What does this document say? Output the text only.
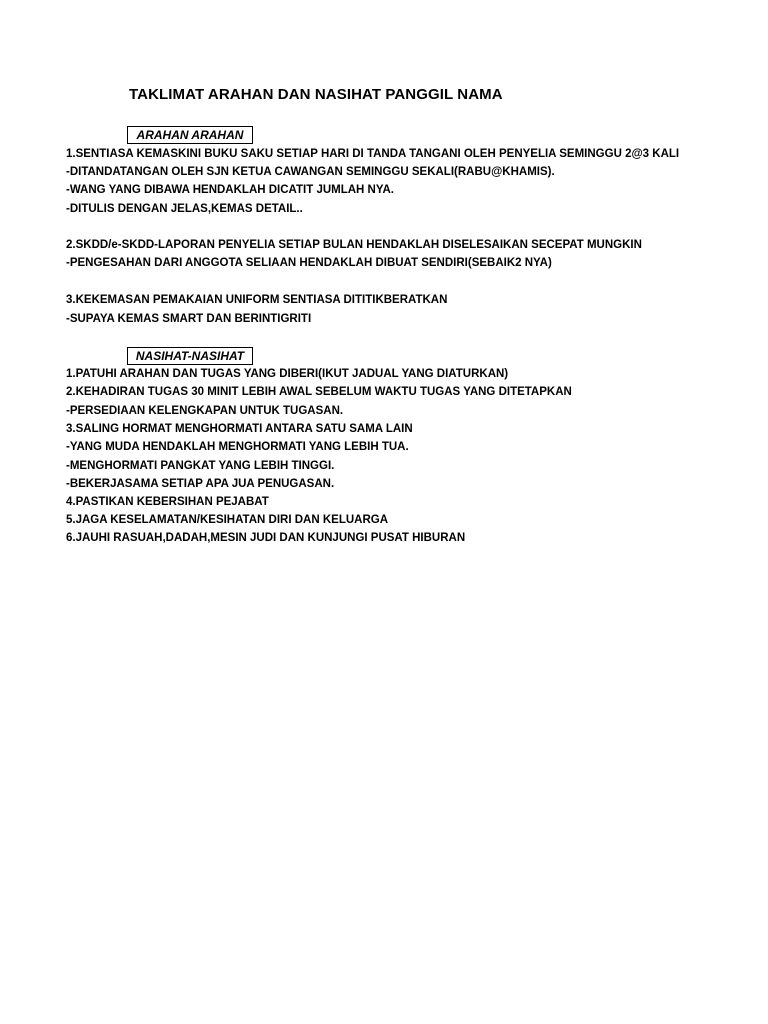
TAKLIMAT ARAHAN DAN NASIHAT PANGGIL NAMA
ARAHAN ARAHAN
1.SENTIASA KEMASKINI BUKU SAKU SETIAP HARI DI TANDA TANGANI OLEH PENYELIA SEMINGGU 2@3 KALI
-DITANDATANGAN OLEH SJN KETUA CAWANGAN SEMINGGU SEKALI(RABU@KHAMIS).
-WANG YANG DIBAWA HENDAKLAH DICATIT JUMLAH NYA.
-DITULIS DENGAN JELAS,KEMAS DETAIL..
2.SKDD/e-SKDD-LAPORAN PENYELIA SETIAP BULAN HENDAKLAH DISELESAIKAN SECEPAT MUNGKIN
-PENGESAHAN DARI ANGGOTA SELIAAN HENDAKLAH DIBUAT SENDIRI(SEBAIK2 NYA)
3.KEKEMASAN PEMAKAIAN UNIFORM SENTIASA DITITIKBERATKAN
-SUPAYA KEMAS SMART DAN BERINTIGRITI
NASIHAT-NASIHAT
1.PATUHI ARAHAN DAN TUGAS YANG DIBERI(IKUT JADUAL YANG DIATURKAN)
2.KEHADIRAN TUGAS 30 MINIT LEBIH AWAL SEBELUM WAKTU TUGAS YANG DITETAPKAN
-PERSEDIAAN KELENGKAPAN UNTUK TUGASAN.
3.SALING HORMAT MENGHORMATI ANTARA SATU SAMA LAIN
-YANG MUDA HENDAKLAH MENGHORMATI YANG LEBIH TUA.
-MENGHORMATI PANGKAT YANG LEBIH TINGGI.
-BEKERJASAMA SETIAP APA JUA PENUGASAN.
4.PASTIKAN KEBERSIHAN PEJABAT
5.JAGA KESELAMATAN/KESIHATAN DIRI DAN KELUARGA
6.JAUHI RASUAH,DADAH,MESIN JUDI DAN KUNJUNGI PUSAT HIBURAN
